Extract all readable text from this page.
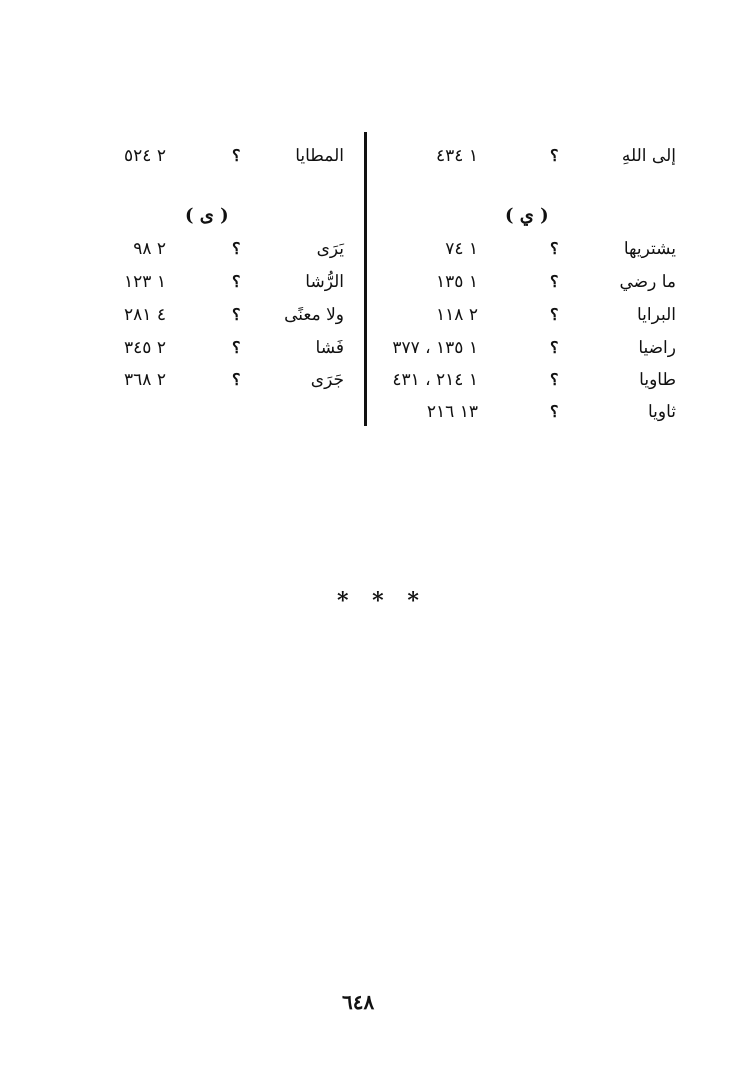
إلى اللهِ
؟
١ ٤٣٤
المطايا
؟
٢ ٥٢٤
( ي )
( ى )
يشتريها
؟
١ ٧٤
يَرَى
؟
٢ ٩٨
ما رضي
؟
١ ١٣٥
الرُّشا
؟
١ ١٢٣
البرايا
؟
٢ ١١٨
ولا معنًى
؟
٤ ٢٨١
راضيا
؟
١ ١٣٥ ، ٣٧٧
فَشا
؟
٢ ٣٤٥
طاويا
؟
١ ٢١٤ ، ٤٣١
جَرَى
؟
٢ ٣٦٨
ثاويا
؟
١٣ ٢١٦
* * *
٦٤٨
